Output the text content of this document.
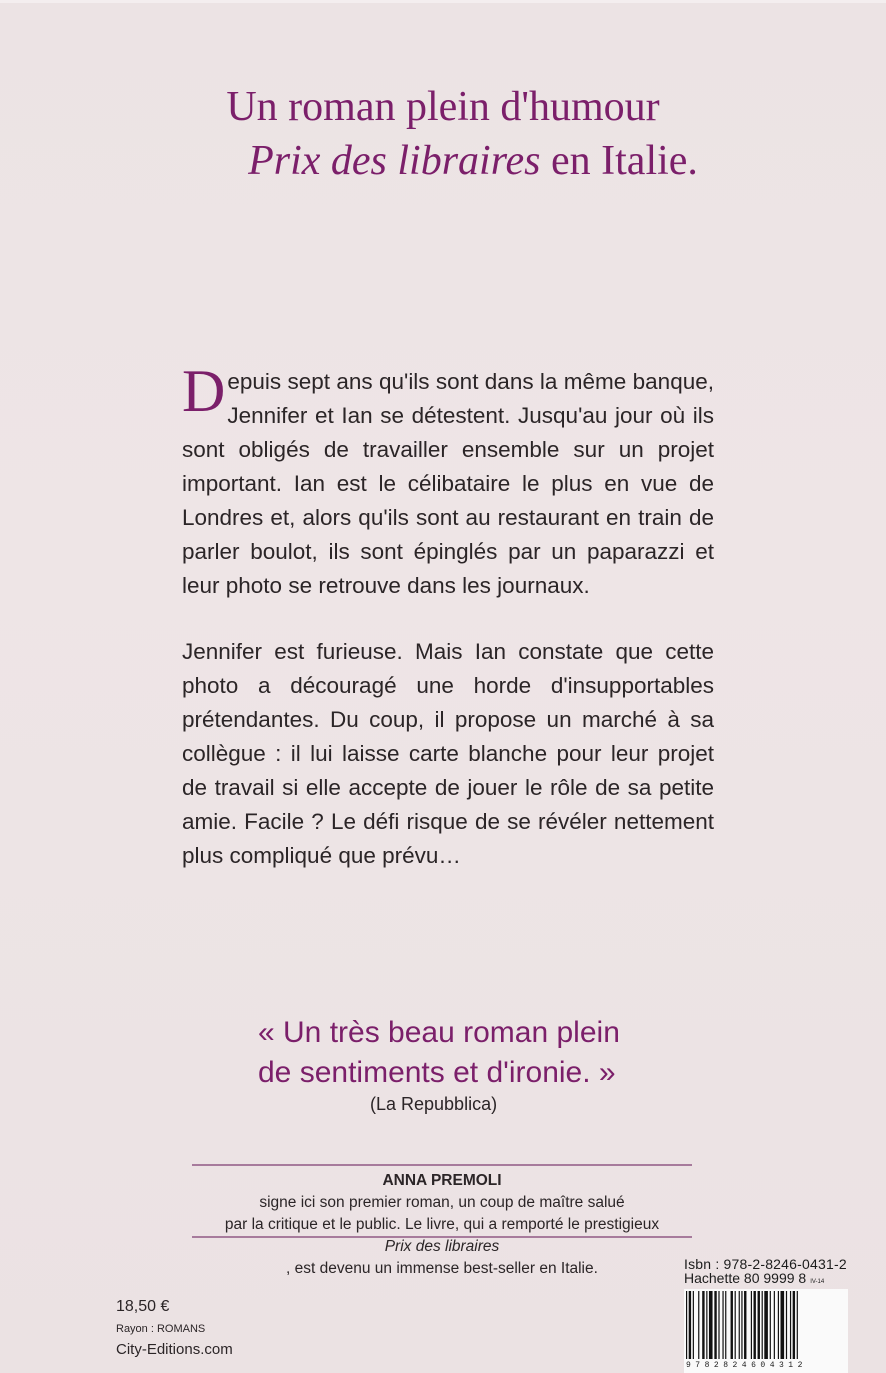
Un roman plein d'humour
Prix des libraires en Italie.

Depuis sept ans qu'ils sont dans la même banque, Jennifer et Ian se détestent. Jusqu'au jour où ils sont obligés de travailler ensemble sur un projet important. Ian est le célibataire le plus en vue de Londres et, alors qu'ils sont au restaurant en train de parler boulot, ils sont épinglés par un paparazzi et leur photo se retrouve dans les journaux.

Jennifer est furieuse. Mais Ian constate que cette photo a découragé une horde d'insupportables prétendantes. Du coup, il propose un marché à sa collègue : il lui laisse carte blanche pour leur projet de travail si elle accepte de jouer le rôle de sa petite amie. Facile ? Le défi risque de se révéler nettement plus compliqué que prévu…

« Un très beau roman plein
de sentiments et d'ironie. »
(La Repubblica)
ANNA PREMOLI
signe ici son premier roman, un coup de maître salué
par la critique et le public. Le livre, qui a remporté le prestigieux
Prix des libraires
, est devenu un immense best-seller en Italie.
18,50 €
Rayon : ROMANS
City-Editions.com
Isbn : 978-2-8246-0431-2
Hachette 80 9999 8 IV-14
9782824604312
